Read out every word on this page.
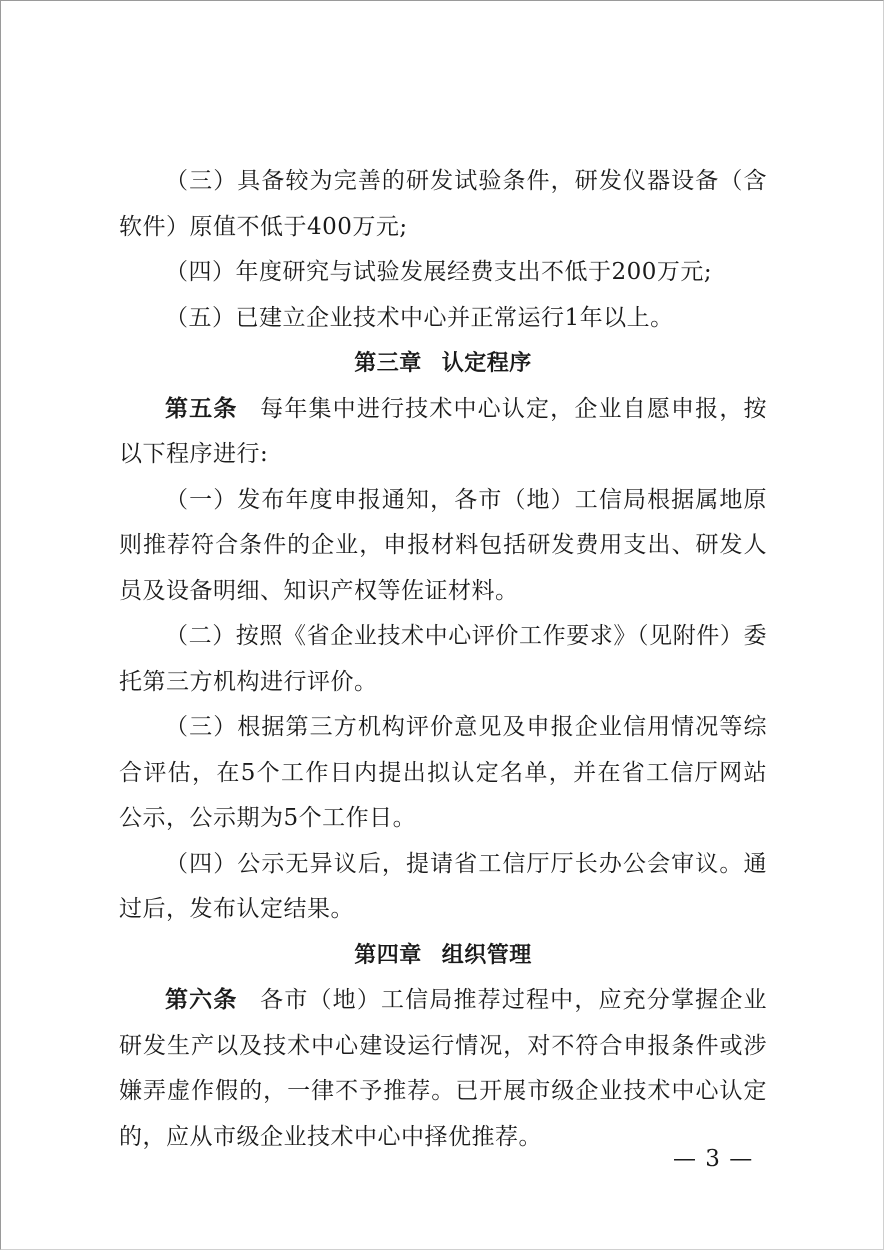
（三）具备较为完善的研发试验条件，研发仪器设备（含软件）原值不低于400万元;

（四）年度研究与试验发展经费支出不低于200万元;

（五）已建立企业技术中心并正常运行1年以上。

第三章 认定程序

第五条 每年集中进行技术中心认定，企业自愿申报，按以下程序进行:

（一）发布年度申报通知，各市（地）工信局根据属地原则推荐符合条件的企业，申报材料包括研发费用支出、研发人员及设备明细、知识产权等佐证材料。

（二）按照《省企业技术中心评价工作要求》（见附件）委托第三方机构进行评价。

（三）根据第三方机构评价意见及申报企业信用情况等综合评估，在5个工作日内提出拟认定名单，并在省工信厅网站公示，公示期为5个工作日。

（四）公示无异议后，提请省工信厅厅长办公会审议。通过后，发布认定结果。

第四章 组织管理

第六条 各市（地）工信局推荐过程中，应充分掌握企业研发生产以及技术中心建设运行情况，对不符合申报条件或涉嫌弄虚作假的，一律不予推荐。已开展市级企业技术中心认定的，应从市级企业技术中心中择优推荐。

— 3 —
